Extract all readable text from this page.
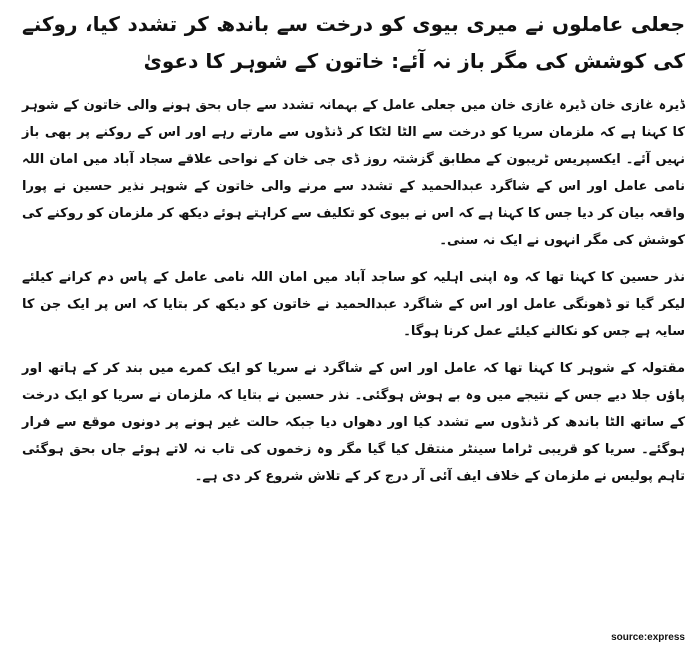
جعلی عاملوں نے میری بیوی کو درخت سے باندھ کر تشدد کیا، روکنے کی کوشش کی مگر باز نہ آئے: خاتون کے شوہر کا دعویٰ

ڈیرہ غازی خان ڈیرہ غازی خان میں جعلی عامل کے بہمانہ تشدد سے جاں بحق ہونے والی خاتون کے شوہر کا کہنا ہے کہ ملزمان سریا کو درخت سے الٹا لٹکا کر ڈنڈوں سے مارتے رہے اور اس کے روکنے پر بھی باز نہیں آئے۔ ایکسپریس ٹریبون کے مطابق گزشتہ روز ڈی جی خان کے نواحی علاقے سجاد آباد میں امان اللہ نامی عامل اور اس کے شاگرد عبدالحمید کے تشدد سے مرنے والی خاتون کے شوہر نذیر حسین نے پورا واقعہ بیان کر دیا جس کا کہنا ہے کہ اس نے بیوی کو تکلیف سے کراہتے ہوئے دیکھ کر ملزمان کو روکنے کی کوشش کی مگر انہوں نے ایک نہ سنی۔

نذر حسین کا کہنا تھا کہ وہ اپنی اہلیہ کو ساجد آباد میں امان اللہ نامی عامل کے پاس دم کرانے کیلئے لیکر گیا تو ڈھونگی عامل اور اس کے شاگرد عبدالحمید نے خاتون کو دیکھ کر بتایا کہ اس پر ایک جن کا سایہ ہے جس کو نکالنے کیلئے عمل کرنا ہوگا۔

مقتولہ کے شوہر کا کہنا تھا کہ عامل اور اس کے شاگرد نے سریا کو ایک کمرے میں بند کر کے ہاتھ اور پاؤں جلا دیے جس کے نتیجے میں وہ بے ہوش ہوگئی۔ نذر حسین نے بتایا کہ ملزمان نے سریا کو ایک درخت کے ساتھ الٹا باندھ کر ڈنڈوں سے تشدد کیا اور دھواں دیا جبکہ حالت غیر ہونے پر دونوں موقع سے فرار ہوگئے۔ سریا کو قریبی ٹراما سینٹر منتقل کیا گیا مگر وہ زخموں کی تاب نہ لاتے ہوئے جاں بحق ہوگئی تاہم پولیس نے ملزمان کے خلاف ایف آئی آر درج کر کے تلاش شروع کر دی ہے۔

source:express
